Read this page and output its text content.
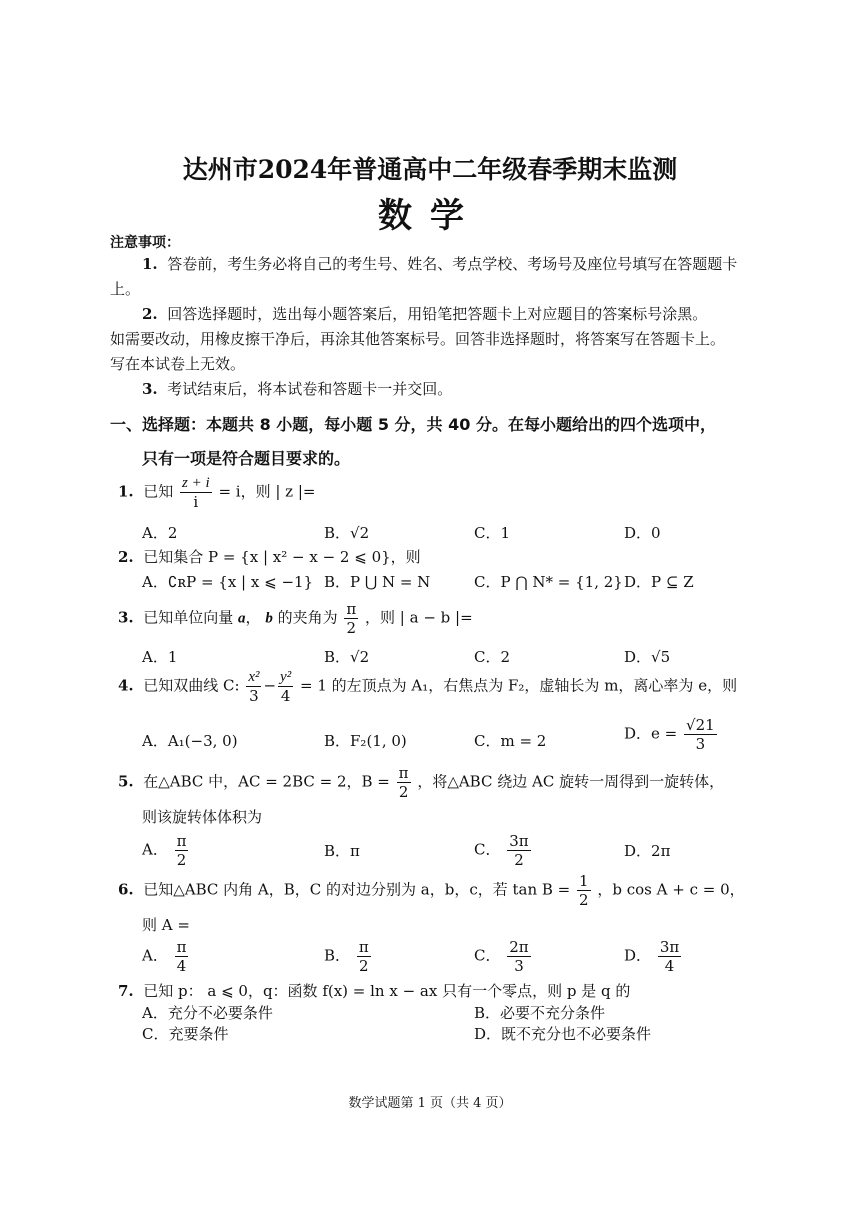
达州市2024年普通高中二年级春季期末监测
数学
注意事项：
1. 答卷前，考生务必将自己的考生号、姓名、考点学校、考场号及座位号填写在答题题卡
上。
2. 回答选择题时，选出每小题答案后，用铅笔把答题卡上对应题目的答案标号涂黑。
如需要改动，用橡皮擦干净后，再涂其他答案标号。回答非选择题时，将答案写在答题卡上。
写在本试卷上无效。
3. 考试结束后，将本试卷和答题卡一并交回。
一、选择题：本题共 8 小题，每小题 5 分，共 40 分。在每小题给出的四个选项中，
只有一项是符合题目要求的。
1. 已知 $\frac{z + i}{i} = i$，则 | z |=
A．2	B．√2	C．1	D．0
2. 已知集合 P = {x | x² − x − 2 ⩽ 0}，则
A．∁ʀP = {x | x ⩽ −1} B．P ⋃ N = N	C．P ⋂ N* = {1, 2} D．P ⊆ Z
3. 已知单位向量 a， b 的夹角为 $\frac{\pi}{2}$ ，则 | a − b |=
A．1	B．√2	C．2	D．√5
4. 已知双曲线 C: $\frac{\text{x²}}{3} - \frac{\text{y²}}{4} = 1$ 的左顶点为 A₁，右焦点为 F₂，虚轴长为 m，离心率为 e，则
A．A₁(−3, 0)	B．F₂(1, 0)	C．m = 2	D．$e = \frac{√21}{3}$
5. 在△ABC 中，AC = 2BC = 2，$B = \frac{\pi}{2}$ ，将△ABC 绕边 AC 旋转一周得到一旋转体，
则该旋转体体积为
A． $\frac{\pi}{2}$	B．π	C． $\frac{3\pi}{2}$	D．2π
6. 已知△ABC 内角 A，B，C 的对边分别为 a，b，c，若 $\tan B = \frac{1}{2}$ ，b cos A + c = 0，
则 A =
A． $\frac{\pi}{4}$	B． $\frac{\pi}{2}$	C． $\frac{2\pi}{3}$	D． $\frac{3\pi}{4}$
7. 已知 p： a ⩽ 0，q：函数 f(x) = ln x − ax 只有一个零点，则 p 是 q 的
A．充分不必要条件	B．必要不充分条件
C．充要条件	D．既不充分也不必要条件
数学试题第 1 页（共 4 页）
